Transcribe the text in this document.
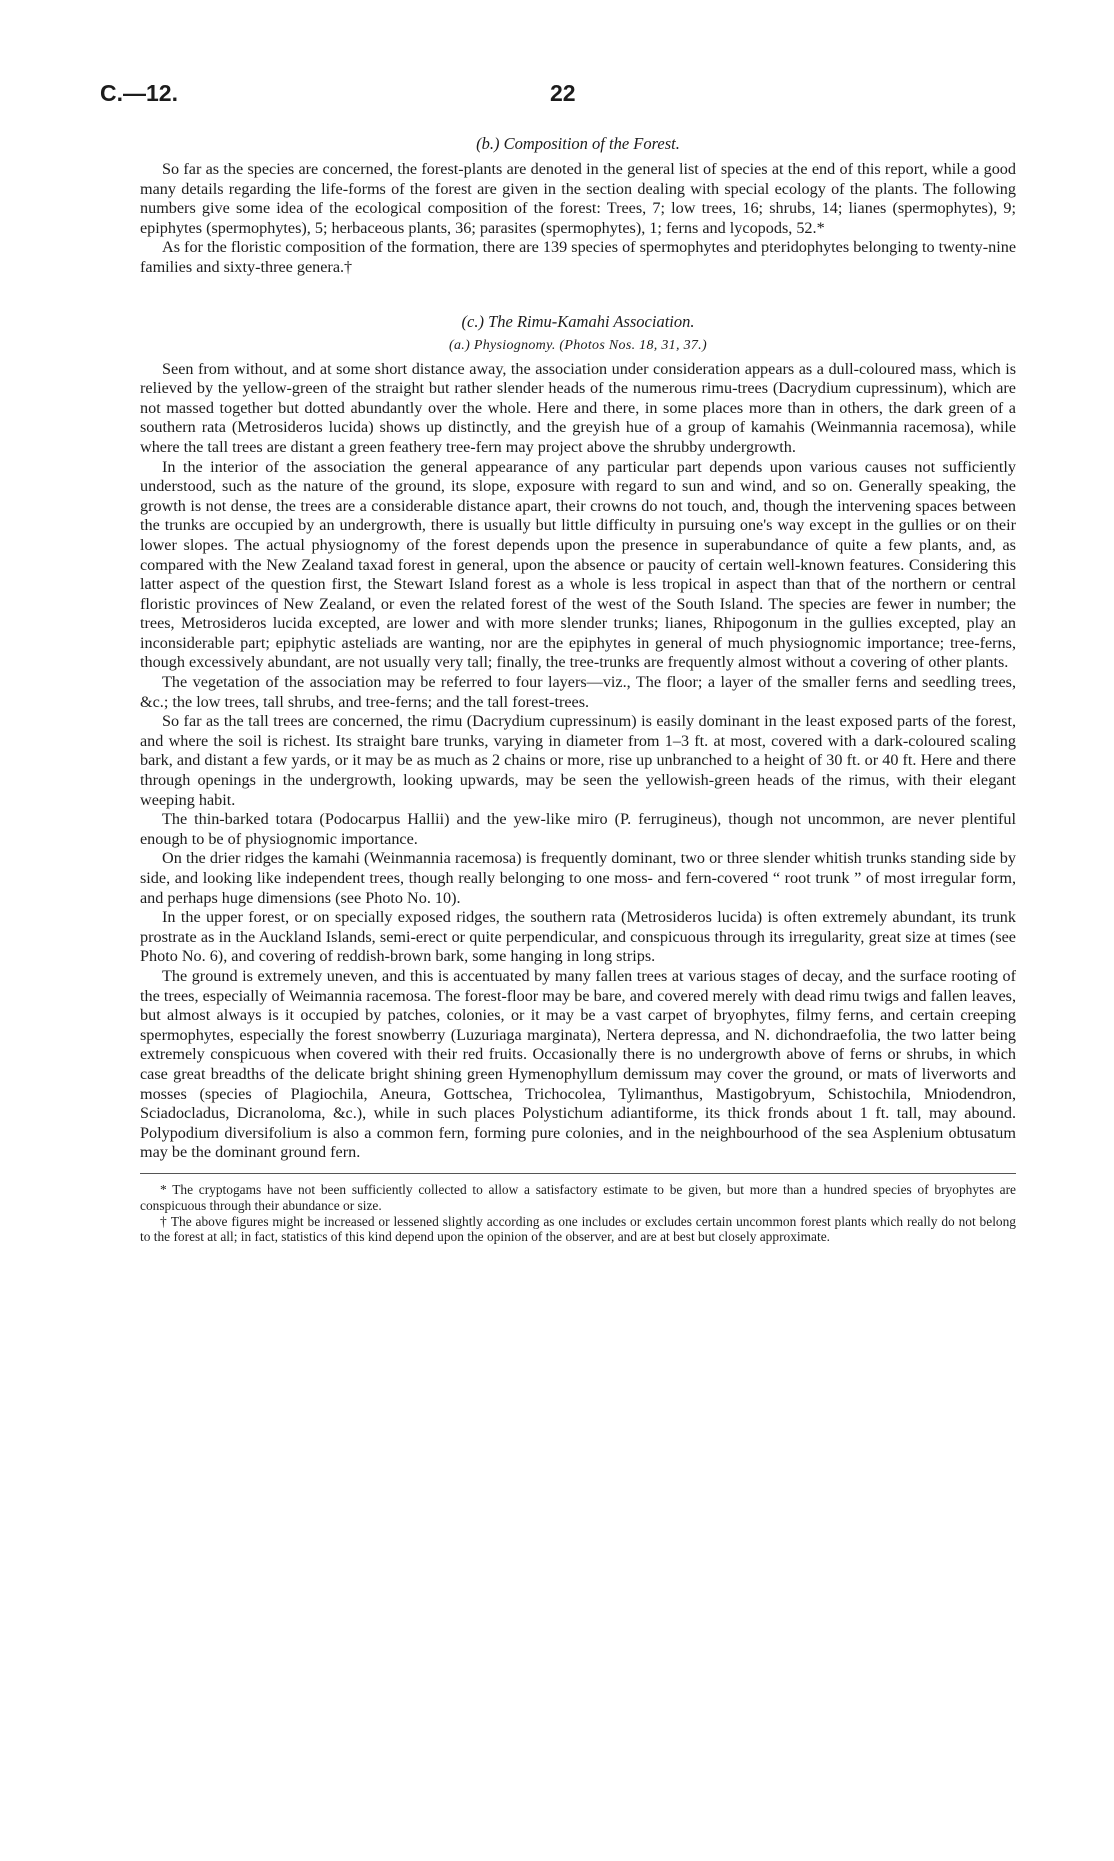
C.—12.	22
(b.) Composition of the Forest.

So far as the species are concerned, the forest-plants are denoted in the general list of species at the end of this report, while a good many details regarding the life-forms of the forest are given in the section dealing with special ecology of the plants. The following numbers give some idea of the ecological composition of the forest: Trees, 7; low trees, 16; shrubs, 14; lianes (spermophytes), 9; epiphytes (spermophytes), 5; herbaceous plants, 36; parasites (spermophytes), 1; ferns and lycopods, 52.*

As for the floristic composition of the formation, there are 139 species of spermophytes and pteridophytes belonging to twenty-nine families and sixty-three genera.†

(c.) The Rimu-Kamahi Association.
(a.) Physiognomy. (Photos Nos. 18, 31, 37.)

Seen from without, and at some short distance away, the association under consideration appears as a dull-coloured mass, which is relieved by the yellow-green of the straight but rather slender heads of the numerous rimu-trees (Dacrydium cupressinum), which are not massed together but dotted abundantly over the whole. Here and there, in some places more than in others, the dark green of a southern rata (Metrosideros lucida) shows up distinctly, and the greyish hue of a group of kamahis (Weinmannia racemosa), while where the tall trees are distant a green feathery tree-fern may project above the shrubby undergrowth.

In the interior of the association the general appearance of any particular part depends upon various causes not sufficiently understood, such as the nature of the ground, its slope, exposure with regard to sun and wind, and so on. Generally speaking, the growth is not dense, the trees are a considerable distance apart, their crowns do not touch, and, though the intervening spaces between the trunks are occupied by an undergrowth, there is usually but little difficulty in pursuing one's way except in the gullies or on their lower slopes. The actual physiognomy of the forest depends upon the presence in superabundance of quite a few plants, and, as compared with the New Zealand taxad forest in general, upon the absence or paucity of certain well-known features. Considering this latter aspect of the question first, the Stewart Island forest as a whole is less tropical in aspect than that of the northern or central floristic provinces of New Zealand, or even the related forest of the west of the South Island. The species are fewer in number; the trees, Metrosideros lucida excepted, are lower and with more slender trunks; lianes, Rhipogonum in the gullies excepted, play an inconsiderable part; epiphytic asteliads are wanting, nor are the epiphytes in general of much physiognomic importance; tree-ferns, though excessively abundant, are not usually very tall; finally, the tree-trunks are frequently almost without a covering of other plants.

The vegetation of the association may be referred to four layers—viz., The floor; a layer of the smaller ferns and seedling trees, &c.; the low trees, tall shrubs, and tree-ferns; and the tall forest-trees.

So far as the tall trees are concerned, the rimu (Dacrydium cupressinum) is easily dominant in the least exposed parts of the forest, and where the soil is richest. Its straight bare trunks, varying in diameter from 1–3 ft. at most, covered with a dark-coloured scaling bark, and distant a few yards, or it may be as much as 2 chains or more, rise up unbranched to a height of 30 ft. or 40 ft. Here and there through openings in the undergrowth, looking upwards, may be seen the yellowish-green heads of the rimus, with their elegant weeping habit.

The thin-barked totara (Podocarpus Hallii) and the yew-like miro (P. ferrugineus), though not uncommon, are never plentiful enough to be of physiognomic importance.

On the drier ridges the kamahi (Weinmannia racemosa) is frequently dominant, two or three slender whitish trunks standing side by side, and looking like independent trees, though really belonging to one moss- and fern-covered “ root trunk ” of most irregular form, and perhaps huge dimensions (see Photo No. 10).

In the upper forest, or on specially exposed ridges, the southern rata (Metrosideros lucida) is often extremely abundant, its trunk prostrate as in the Auckland Islands, semi-erect or quite perpendicular, and conspicuous through its irregularity, great size at times (see Photo No. 6), and covering of reddish-brown bark, some hanging in long strips.

The ground is extremely uneven, and this is accentuated by many fallen trees at various stages of decay, and the surface rooting of the trees, especially of Weimannia racemosa. The forest-floor may be bare, and covered merely with dead rimu twigs and fallen leaves, but almost always is it occupied by patches, colonies, or it may be a vast carpet of bryophytes, filmy ferns, and certain creeping spermophytes, especially the forest snowberry (Luzuriaga marginata), Nertera depressa, and N. dichondraefolia, the two latter being extremely conspicuous when covered with their red fruits. Occasionally there is no undergrowth above of ferns or shrubs, in which case great breadths of the delicate bright shining green Hymenophyllum demissum may cover the ground, or mats of liverworts and mosses (species of Plagiochila, Aneura, Gottschea, Trichocolea, Tylimanthus, Mastigobryum, Schistochila, Mniodendron, Sciadocladus, Dicranoloma, &c.), while in such places Polystichum adiantiforme, its thick fronds about 1 ft. tall, may abound. Polypodium diversifolium is also a common fern, forming pure colonies, and in the neighbourhood of the sea Asplenium obtusatum may be the dominant ground fern.

* The cryptogams have not been sufficiently collected to allow a satisfactory estimate to be given, but more than a hundred species of bryophytes are conspicuous through their abundance or size.

† The above figures might be increased or lessened slightly according as one includes or excludes certain uncommon forest plants which really do not belong to the forest at all; in fact, statistics of this kind depend upon the opinion of the observer, and are at best but closely approximate.
